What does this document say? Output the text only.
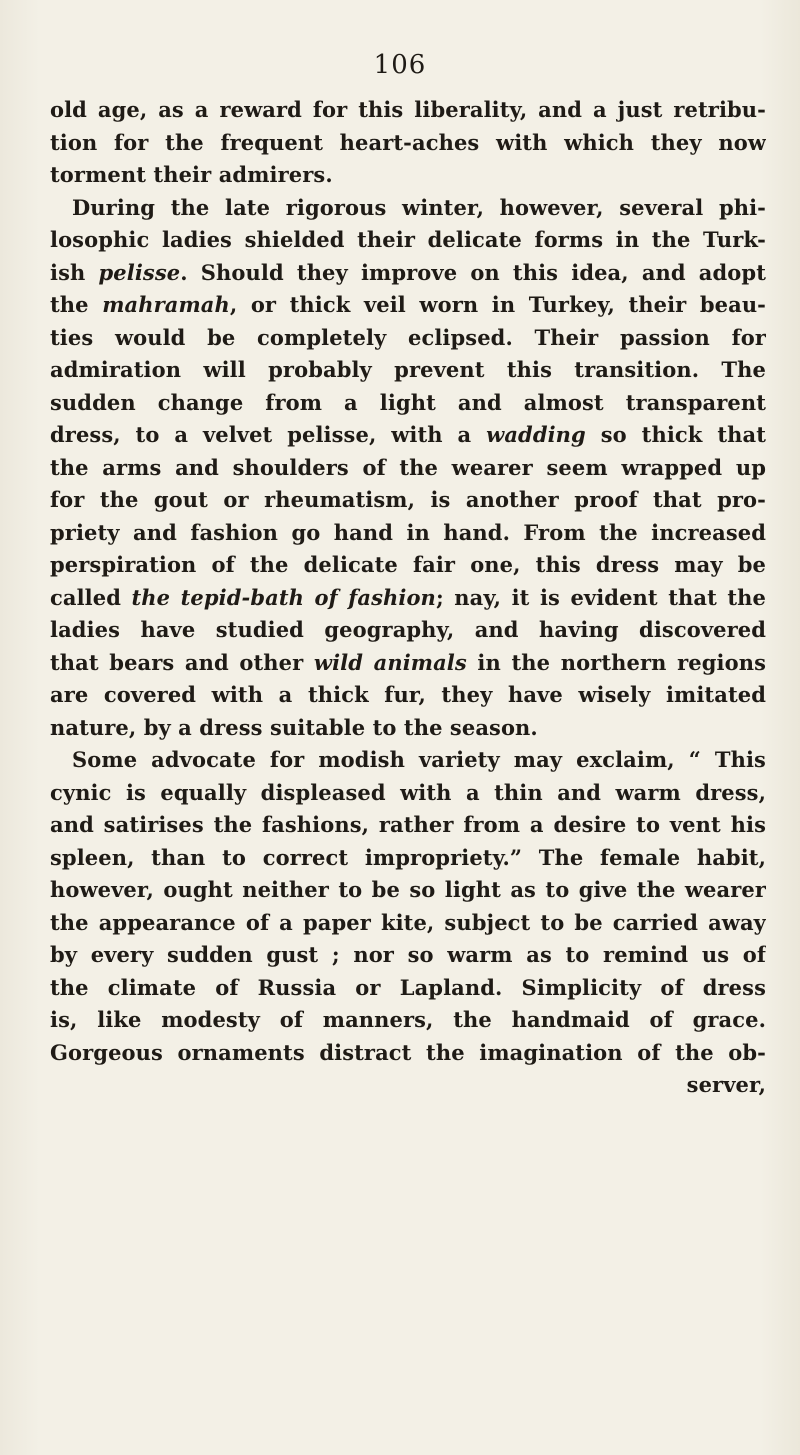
106
old age, as a reward for this liberality, and a just retribu-
tion for the frequent heart-aches with which they now
torment their admirers.
During the late rigorous winter, however, several phi-
losophic ladies shielded their delicate forms in the Turk-
ish pelisse. Should they improve on this idea, and adopt
the mahramah, or thick veil worn in Turkey, their beau-
ties would be completely eclipsed. Their passion for
admiration will probably prevent this transition. The
sudden change from a light and almost transparent
dress, to a velvet pelisse, with a wadding so thick that
the arms and shoulders of the wearer seem wrapped up
for the gout or rheumatism, is another proof that pro-
priety and fashion go hand in hand. From the increased
perspiration of the delicate fair one, this dress may be
called the tepid-bath of fashion; nay, it is evident that the
ladies have studied geography, and having discovered
that bears and other wild animals in the northern regions
are covered with a thick fur, they have wisely imitated
nature, by a dress suitable to the season.
Some advocate for modish variety may exclaim, “ This
cynic is equally displeased with a thin and warm dress,
and satirises the fashions, rather from a desire to vent his
spleen, than to correct impropriety.” The female habit,
however, ought neither to be so light as to give the wearer
the appearance of a paper kite, subject to be carried away
by every sudden gust ; nor so warm as to remind us of
the climate of Russia or Lapland. Simplicity of dress
is, like modesty of manners, the handmaid of grace.
Gorgeous ornaments distract the imagination of the ob-
server,
